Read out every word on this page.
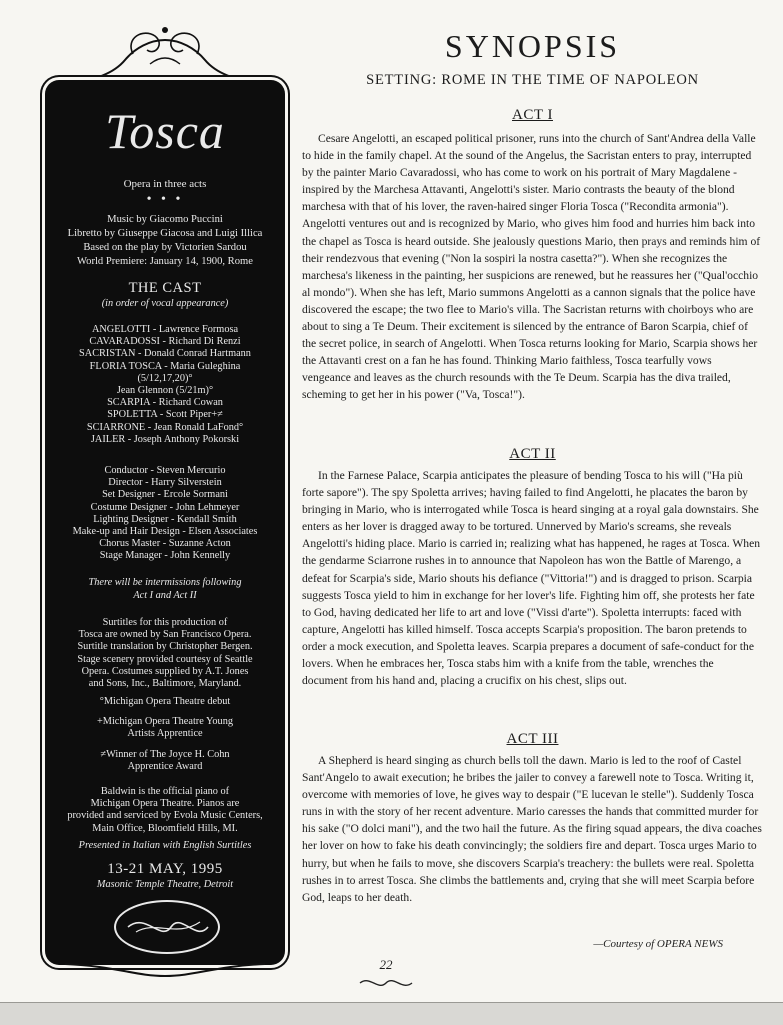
Tosca
Opera in three acts
• • •
Music by Giacomo Puccini
Libretto by Giuseppe Giacosa and Luigi Illica
Based on the play by Victorien Sardou
World Premiere: January 14, 1900, Rome
THE CAST
(in order of vocal appearance)
ANGELOTTI - Lawrence Formosa
CAVARADOSSI - Richard Di Renzi
SACRISTAN - Donald Conrad Hartmann
FLORIA TOSCA - Maria Guleghina
(5/12,17,20)°
Jean Glennon (5/21m)°
SCARPIA - Richard Cowan
SPOLETTA - Scott Piper+≠
SCIARRONE - Jean Ronald LaFond°
JAILER - Joseph Anthony Pokorski
Conductor - Steven Mercurio
Director - Harry Silverstein
Set Designer - Ercole Sormani
Costume Designer - John Lehmeyer
Lighting Designer - Kendall Smith
Make-up and Hair Design - Elsen Associates
Chorus Master - Suzanne Acton
Stage Manager - John Kennelly
There will be intermissions following
Act I and Act II
Surtitles for this production of
Tosca are owned by San Francisco Opera.
Surtitle translation by Christopher Bergen.
Stage scenery provided courtesy of Seattle
Opera. Costumes supplied by A.T. Jones
and Sons, Inc., Baltimore, Maryland.

°Michigan Opera Theatre debut

+Michigan Opera Theatre Young Artists Apprentice

≠Winner of The Joyce H. Cohn Apprentice Award

Baldwin is the official piano of
Michigan Opera Theatre. Pianos are
provided and serviced by Evola Music Centers,
Main Office, Bloomfield Hills, MI.
Presented in Italian with English Surtitles
13-21 MAY, 1995
Masonic Temple Theatre, Detroit
SYNOPSIS
SETTING: ROME IN THE TIME OF NAPOLEON
ACT I
Cesare Angelotti, an escaped political prisoner, runs into the church of Sant'Andrea della Valle to hide in the family chapel. At the sound of the Angelus, the Sacristan enters to pray, interrupted by the painter Mario Cavaradossi, who has come to work on his portrait of Mary Magdalene - inspired by the Marchesa Attavanti, Angelotti's sister. Mario contrasts the beauty of the blond marchesa with that of his lover, the raven-haired singer Floria Tosca ("Recondita armonia"). Angelotti ventures out and is recognized by Mario, who gives him food and hurries him back into the chapel as Tosca is heard outside. She jealously questions Mario, then prays and reminds him of their rendezvous that evening ("Non la sospiri la nostra casetta?"). When she recognizes the marchesa's likeness in the painting, her suspicions are renewed, but he reassures her ("Qual'occhio al mondo"). When she has left, Mario summons Angelotti as a cannon signals that the police have discovered the escape; the two flee to Mario's villa. The Sacristan returns with choirboys who are about to sing a Te Deum. Their excitement is silenced by the entrance of Baron Scarpia, chief of the secret police, in search of Angelotti. When Tosca returns looking for Mario, Scarpia shows her the Attavanti crest on a fan he has found. Thinking Mario faithless, Tosca tearfully vows vengeance and leaves as the church resounds with the Te Deum. Scarpia has the diva trailed, scheming to get her in his power ("Va, Tosca!").
ACT II
In the Farnese Palace, Scarpia anticipates the pleasure of bending Tosca to his will ("Ha più forte sapore"). The spy Spoletta arrives; having failed to find Angelotti, he placates the baron by bringing in Mario, who is interrogated while Tosca is heard singing at a royal gala downstairs. She enters as her lover is dragged away to be tortured. Unnerved by Mario's screams, she reveals Angelotti's hiding place. Mario is carried in; realizing what has happened, he rages at Tosca. When the gendarme Sciarrone rushes in to announce that Napoleon has won the Battle of Marengo, a defeat for Scarpia's side, Mario shouts his defiance ("Vittoria!") and is dragged to prison. Scarpia suggests Tosca yield to him in exchange for her lover's life. Fighting him off, she protests her fate to God, having dedicated her life to art and love ("Vissi d'arte"). Spoletta interrupts: faced with capture, Angelotti has killed himself. Tosca accepts Scarpia's proposition. The baron pretends to order a mock execution, and Spoletta leaves. Scarpia prepares a document of safe-conduct for the lovers. When he embraces her, Tosca stabs him with a knife from the table, wrenches the document from his hand and, placing a crucifix on his chest, slips out.
ACT III
A Shepherd is heard singing as church bells toll the dawn. Mario is led to the roof of Castel Sant'Angelo to await execution; he bribes the jailer to convey a farewell note to Tosca. Writing it, overcome with memories of love, he gives way to despair ("E lucevan le stelle"). Suddenly Tosca runs in with the story of her recent adventure. Mario caresses the hands that committed murder for his sake ("O dolci mani"), and the two hail the future. As the firing squad appears, the diva coaches her lover on how to fake his death convincingly; the soldiers fire and depart. Tosca urges Mario to hurry, but when he fails to move, she discovers Scarpia's treachery: the bullets were real. Spoletta rushes in to arrest Tosca. She climbs the battlements and, crying that she will meet Scarpia before God, leaps to her death.
—Courtesy of OPERA NEWS
22
